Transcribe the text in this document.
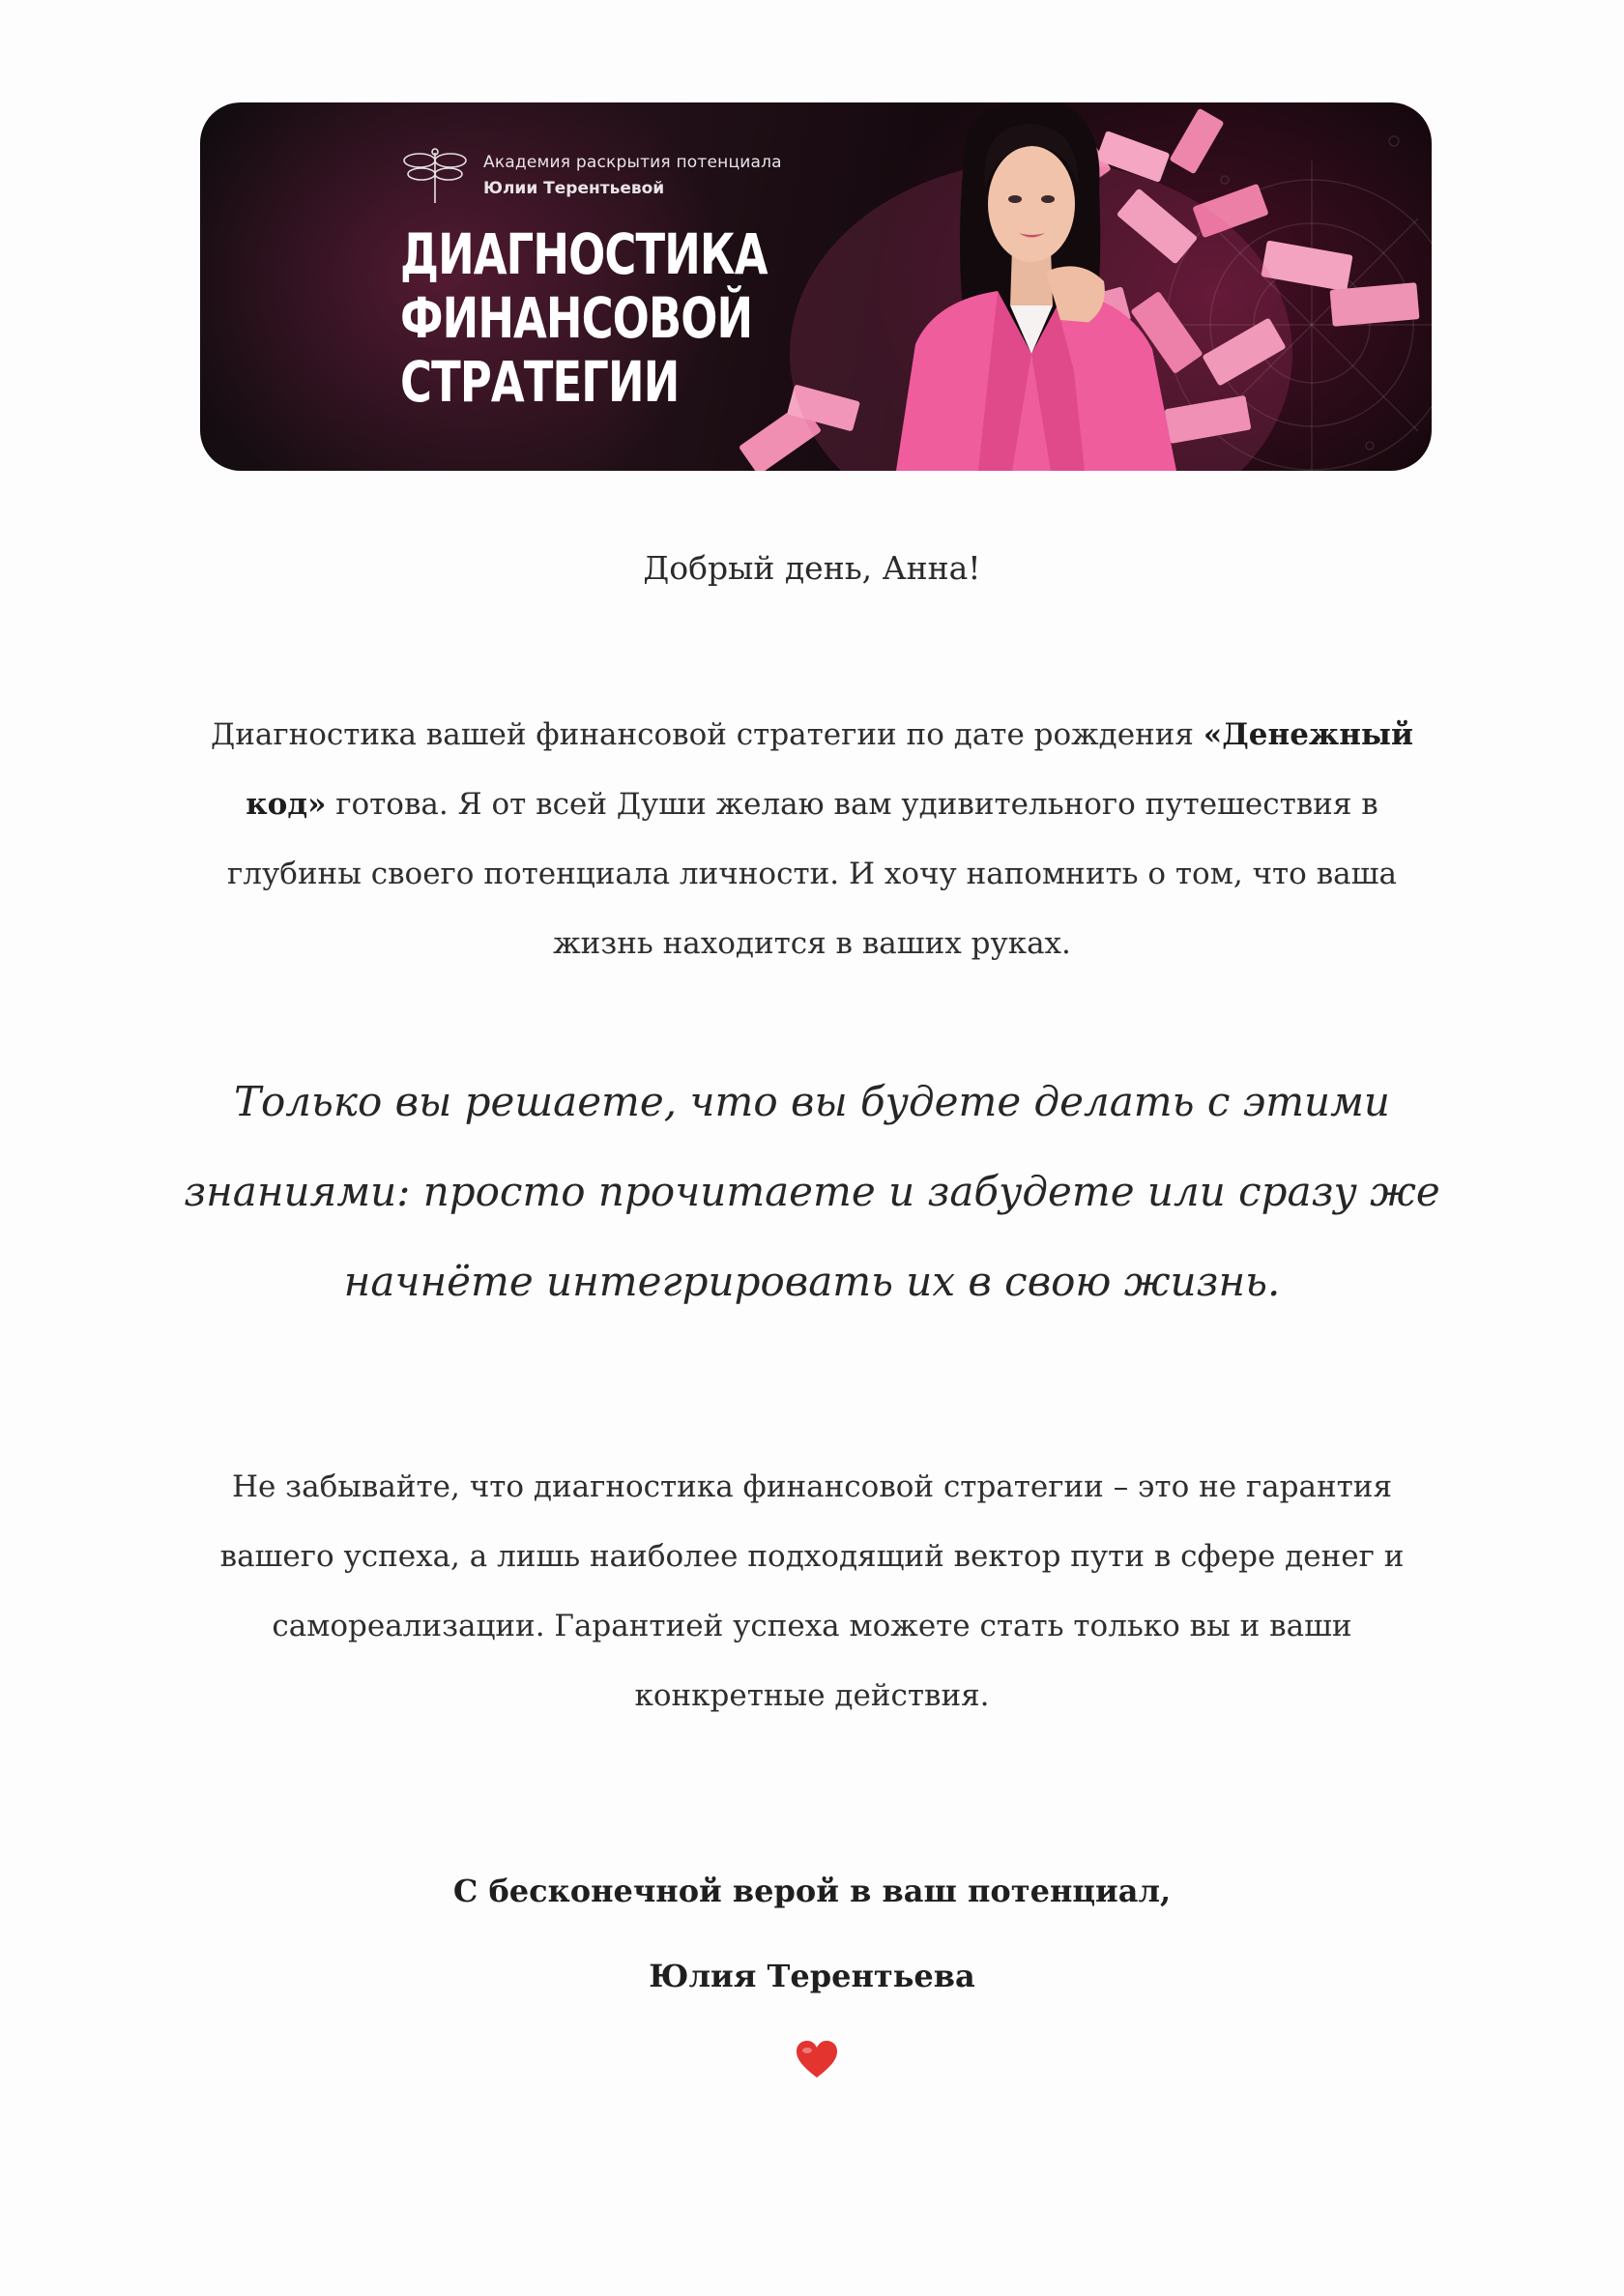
Академия раскрытия потенциала
Юлии Терентьевой
ДИАГНОСТИКА
ФИНАНСОВОЙ
СТРАТЕГИИ
Добрый день, Анна!
Диагностика вашей финансовой стратегии по дате рождения «Денежный код» готова. Я от всей Души желаю вам удивительного путешествия в глубины своего потенциала личности. И хочу напомнить о том, что ваша жизнь находится в ваших руках.
Только вы решаете, что вы будете делать с этими знаниями: просто прочитаете и забудете или сразу же начнёте интегрировать их в свою жизнь.
Не забывайте, что диагностика финансовой стратегии – это не гарантия вашего успеха, а лишь наиболее подходящий вектор пути в сфере денег и самореализации. Гарантией успеха можете стать только вы и ваши конкретные действия.
С бесконечной верой в ваш потенциал,
Юлия Терентьева
